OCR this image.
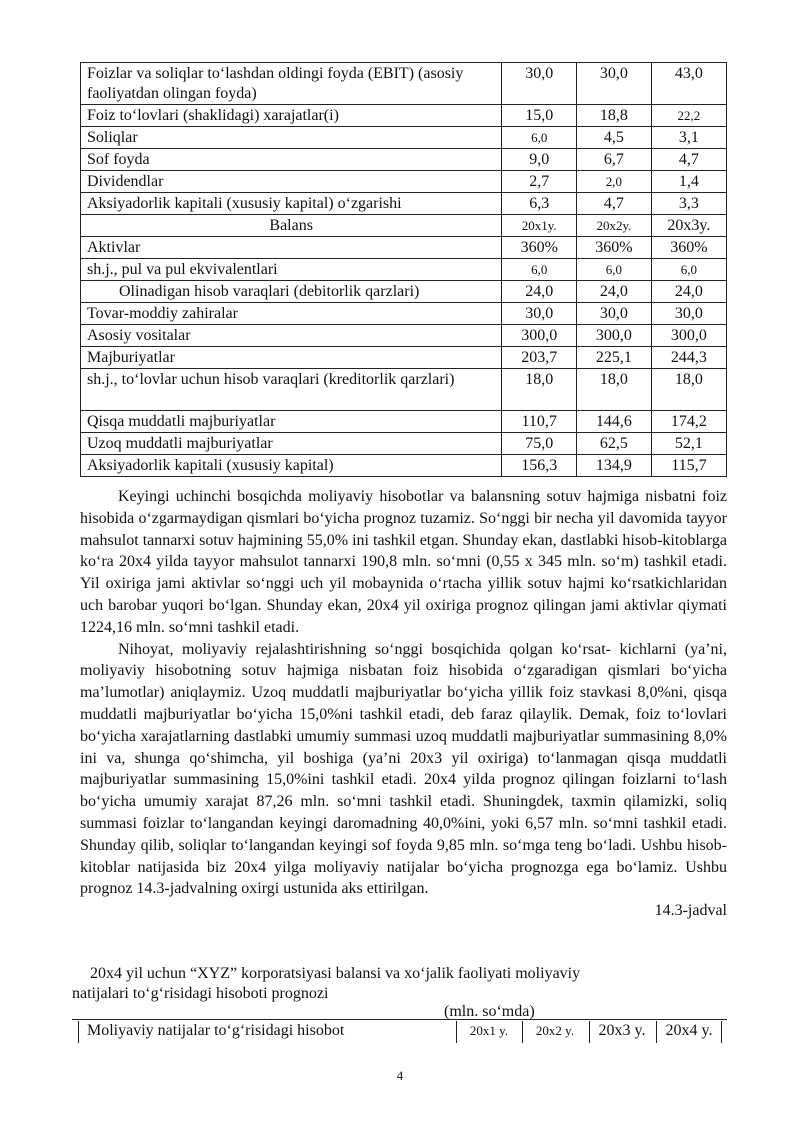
Foizlar va soliqlar to‘lashdan oldingi foyda (EBIT) (asosiy faoliyatdan olingan foyda)	30,0	30,0	43,0
Foiz to‘lovlari (shaklidagi) xarajatlar(i)	15,0	18,8	22,2
Soliqlar	6,0	4,5	3,1
Sof foyda	9,0	6,7	4,7
Dividendlar	2,7	2,0	1,4
Aksiyadorlik kapitali (xususiy kapital) o‘zgarishi	6,3	4,7	3,3
Balans	20x1y.	20x2y.	20x3y.
Aktivlar	360%	360%	360%
sh.j., pul va pul ekvivalentlari	6,0	6,0	6,0
Olinadigan hisob varaqlari (debitorlik qarzlari)	24,0	24,0	24,0
Tovar-moddiy zahiralar	30,0	30,0	30,0
Asosiy vositalar	300,0	300,0	300,0
Majburiyatlar	203,7	225,1	244,3
sh.j., to‘lovlar uchun hisob varaqlari (kreditorlik qarzlari)	18,0	18,0	18,0
Qisqa muddatli majburiyatlar	110,7	144,6	174,2
Uzoq muddatli majburiyatlar	75,0	62,5	52,1
Aksiyadorlik kapitali (xususiy kapital)	156,3	134,9	115,7

Keyingi uchinchi bosqichda moliyaviy hisobotlar va balansning sotuv hajmiga nisbatni foiz hisobida o‘zgarmaydigan qismlari bo‘yicha prognoz tuzamiz. So‘nggi bir necha yil davomida tayyor mahsulot tannarxi sotuv hajmining 55,0% ini tashkil etgan. Shunday ekan, dastlabki hisob-kitoblarga ko‘ra 20x4 yilda tayyor mahsulot tannarxi 190,8 mln. so‘mni (0,55 x 345 mln. so‘m) tashkil etadi. Yil oxiriga jami aktivlar so‘nggi uch yil mobaynida o‘rtacha yillik sotuv hajmi ko‘rsatkichlaridan uch barobar yuqori bo‘lgan. Shunday ekan, 20x4 yil oxiriga prognoz qilingan jami aktivlar qiymati 1224,16 mln. so‘mni tashkil etadi.

Nihoyat, moliyaviy rejalashtirishning so‘nggi bosqichida qolgan ko‘rsat- kichlarni (ya’ni, moliyaviy hisobotning sotuv hajmiga nisbatan foiz hisobida o‘zgaradigan qismlari bo‘yicha ma’lumotlar) aniqlaymiz. Uzoq muddatli majburiyatlar bo‘yicha yillik foiz stavkasi 8,0%ni, qisqa muddatli majburiyatlar bo‘yicha 15,0%ni tashkil etadi, deb faraz qilaylik. Demak, foiz to‘lovlari bo‘yicha xarajatlarning dastlabki umumiy summasi uzoq muddatli majburiyatlar summasining 8,0% ini va, shunga qo‘shimcha, yil boshiga (ya’ni 20x3 yil oxiriga) to‘lanmagan qisqa muddatli majburiyatlar summasining 15,0%ini tashkil etadi. 20x4 yilda prognoz qilingan foizlarni to‘lash bo‘yicha umumiy xarajat 87,26 mln. so‘mni tashkil etadi. Shuningdek, taxmin qilamizki, soliq summasi foizlar to‘langandan keyingi daromadning 40,0%ini, yoki 6,57 mln. so‘mni tashkil etadi. Shunday qilib, soliqlar to‘langandan keyingi sof foyda 9,85 mln. so‘mga teng bo‘ladi. Ushbu hisob-kitoblar natijasida biz 20x4 yilga moliyaviy natijalar bo‘yicha prognozga ega bo‘lamiz. Ushbu prognoz 14.3-jadvalning oxirgi ustunida aks ettirilgan.

14.3-jadval

20x4 yil uchun “XYZ” korporatsiyasi balansi va xo‘jalik faoliyati moliyaviy
natijalari to‘g‘risidagi hisoboti prognozi
(mln. so‘mda)
Moliyaviy natijalar to‘g‘risidagi hisobot	20x1 y.	20x2 y.	20x3 y.	20x4 y.
4
